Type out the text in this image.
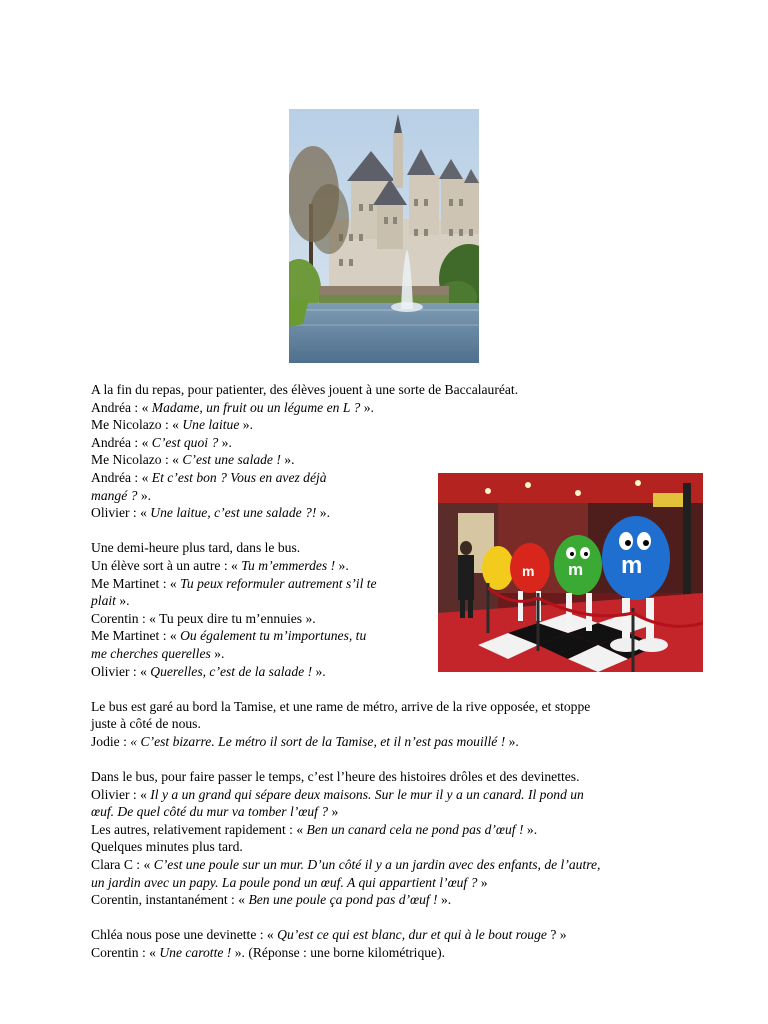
m m m
A la fin du repas, pour patienter, des élèves jouent à une sorte de Baccalauréat.
Andréa : « Madame, un fruit ou un légume en L ? ».
Me Nicolazo : « Une laitue ».
Andréa : « C’est quoi ? ».
Me Nicolazo : « C’est une salade ! ».
Andréa : « Et c’est bon ? Vous en avez déjà
mangé ? ».
Olivier : « Une laitue, c’est une salade ?! ».
Une demi-heure plus tard, dans le bus.
Un élève sort à un autre : « Tu m’emmerdes ! ».
Me Martinet : « Tu peux reformuler autrement s’il te
plait ».
Corentin : « Tu peux dire tu m’ennuies ».
Me Martinet : « Ou également tu m’importunes, tu
me cherches querelles ».
Olivier : « Querelles, c’est de la salade ! ».
Le bus est garé au bord la Tamise, et une rame de métro, arrive de la rive opposée, et stoppe
juste à côté de nous.
Jodie : « C’est bizarre. Le métro il sort de la Tamise, et il n’est pas mouillé ! ».
Dans le bus, pour faire passer le temps, c’est l’heure des histoires drôles et des devinettes.
Olivier : « Il y a un grand qui sépare deux maisons. Sur le mur il y a un canard. Il pond un
œuf. De quel côté du mur va tomber l’œuf ? »
Les autres, relativement rapidement : « Ben un canard cela ne pond pas d’œuf ! ».
Quelques minutes plus tard.
Clara C : « C’est une poule sur un mur. D’un côté il y a un jardin avec des enfants, de l’autre,
un jardin avec un papy. La poule pond un œuf. A qui appartient l’œuf ? »
Corentin, instantanément : « Ben une poule ça pond pas d’œuf ! ».
Chléa nous pose une devinette : « Qu’est ce qui est blanc, dur et qui à le bout rouge ? »
Corentin : « Une carotte ! ». (Réponse : une borne kilométrique).
